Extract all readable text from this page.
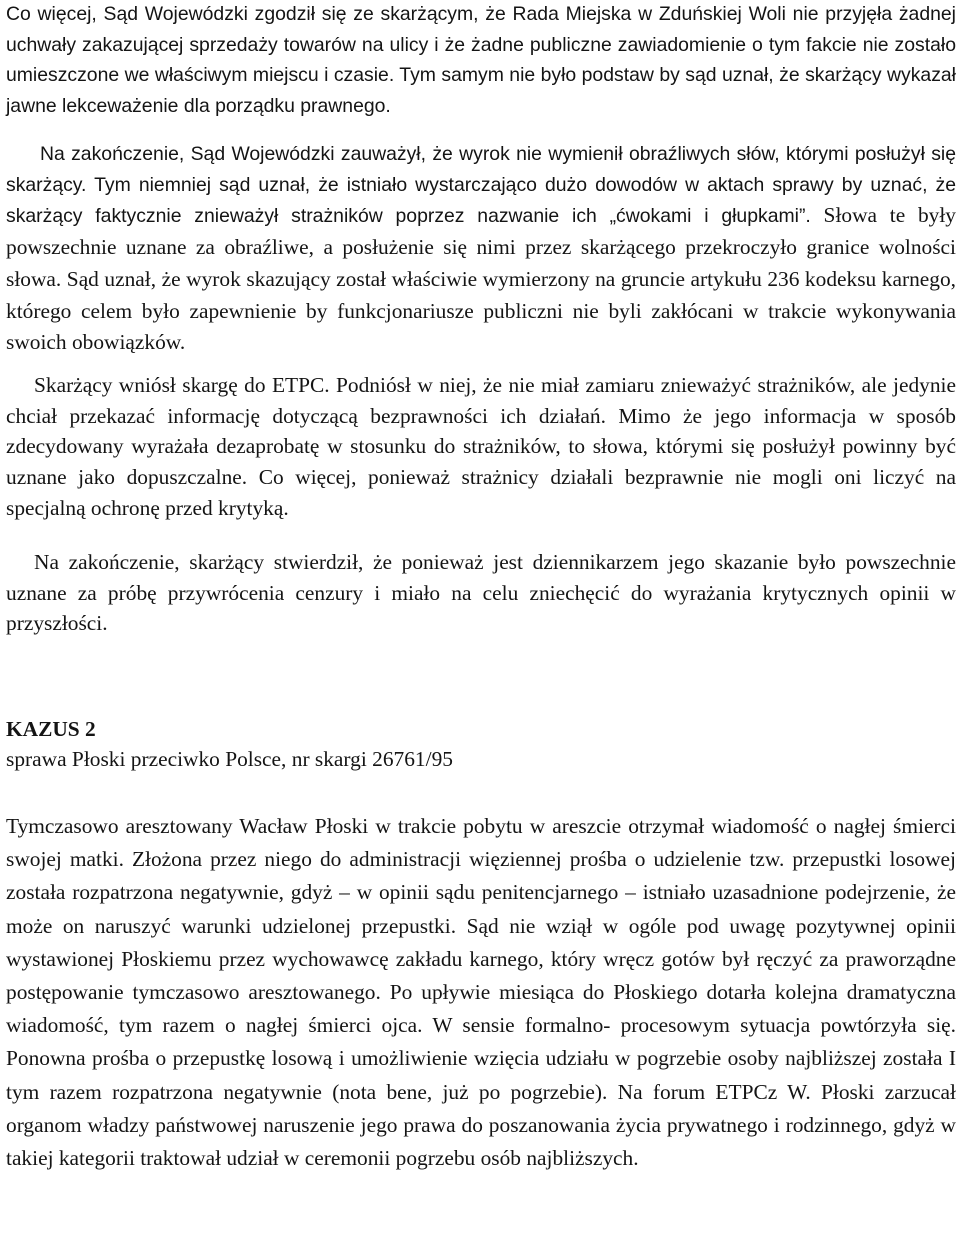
Co więcej, Sąd Wojewódzki zgodził się ze skarżącym, że Rada Miejska w Zduńskiej Woli nie przyjęła żadnej uchwały zakazującej sprzedaży towarów na ulicy i że żadne publiczne zawiadomienie o tym fakcie nie zostało umieszczone we właściwym miejscu i czasie. Tym samym nie było podstaw by sąd uznał, że skarżący wykazał jawne lekceważenie dla porządku prawnego.

Na zakończenie, Sąd Wojewódzki zauważył, że wyrok nie wymienił obraźliwych słów, którymi posłużył się skarżący. Tym niemniej sąd uznał, że istniało wystarczająco dużo dowodów w aktach sprawy by uznać, że skarżący faktycznie znieważył strażników poprzez nazwanie ich „ćwokami i głupkami”. Słowa te były powszechnie uznane za obraźliwe, a posłużenie się nimi przez skarżącego przekroczyło granice wolności słowa. Sąd uznał, że wyrok skazujący został właściwie wymierzony na gruncie artykułu 236 kodeksu karnego, którego celem było zapewnienie by funkcjonariusze publiczni nie byli zakłócani w trakcie wykonywania swoich obowiązków.

Skarżący wniósł skargę do ETPC. Podniósł w niej, że nie miał zamiaru znieważyć strażników, ale jedynie chciał przekazać informację dotyczącą bezprawności ich działań. Mimo że jego informacja w sposób zdecydowany wyrażała dezaprobatę w stosunku do strażników, to słowa, którymi się posłużył powinny być uznane jako dopuszczalne. Co więcej, ponieważ strażnicy działali bezprawnie nie mogli oni liczyć na specjalną ochronę przed krytyką.

Na zakończenie, skarżący stwierdził, że ponieważ jest dziennikarzem jego skazanie było powszechnie uznane za próbę przywrócenia cenzury i miało na celu zniechęcić do wyrażania krytycznych opinii w przyszłości.

KAZUS 2

sprawa Płoski przeciwko Polsce, nr skargi 26761/95

Tymczasowo aresztowany Wacław Płoski w trakcie pobytu w areszcie otrzymał wiadomość o nagłej śmierci swojej matki. Złożona przez niego do administracji więziennej prośba o udzielenie tzw. przepustki losowej została rozpatrzona negatywnie, gdyż – w opinii sądu penitencjarnego – istniało uzasadnione podejrzenie, że może on naruszyć warunki udzielonej przepustki. Sąd nie wziął w ogóle pod uwagę pozytywnej opinii wystawionej Płoskiemu przez wychowawcę zakładu karnego, który wręcz gotów był ręczyć za praworządne postępowanie tymczasowo aresztowanego. Po upływie miesiąca do Płoskiego dotarła kolejna dramatyczna wiadomość, tym razem o nagłej śmierci ojca. W sensie formalno- procesowym sytuacja powtórzyła się. Ponowna prośba o przepustkę losową i umożliwienie wzięcia udziału w pogrzebie osoby najbliższej została I tym razem rozpatrzona negatywnie (nota bene, już po pogrzebie). Na forum ETPCz W. Płoski zarzucał organom władzy państwowej naruszenie jego prawa do poszanowania życia prywatnego i rodzinnego, gdyż w takiej kategorii traktował udział w ceremonii pogrzebu osób najbliższych.
